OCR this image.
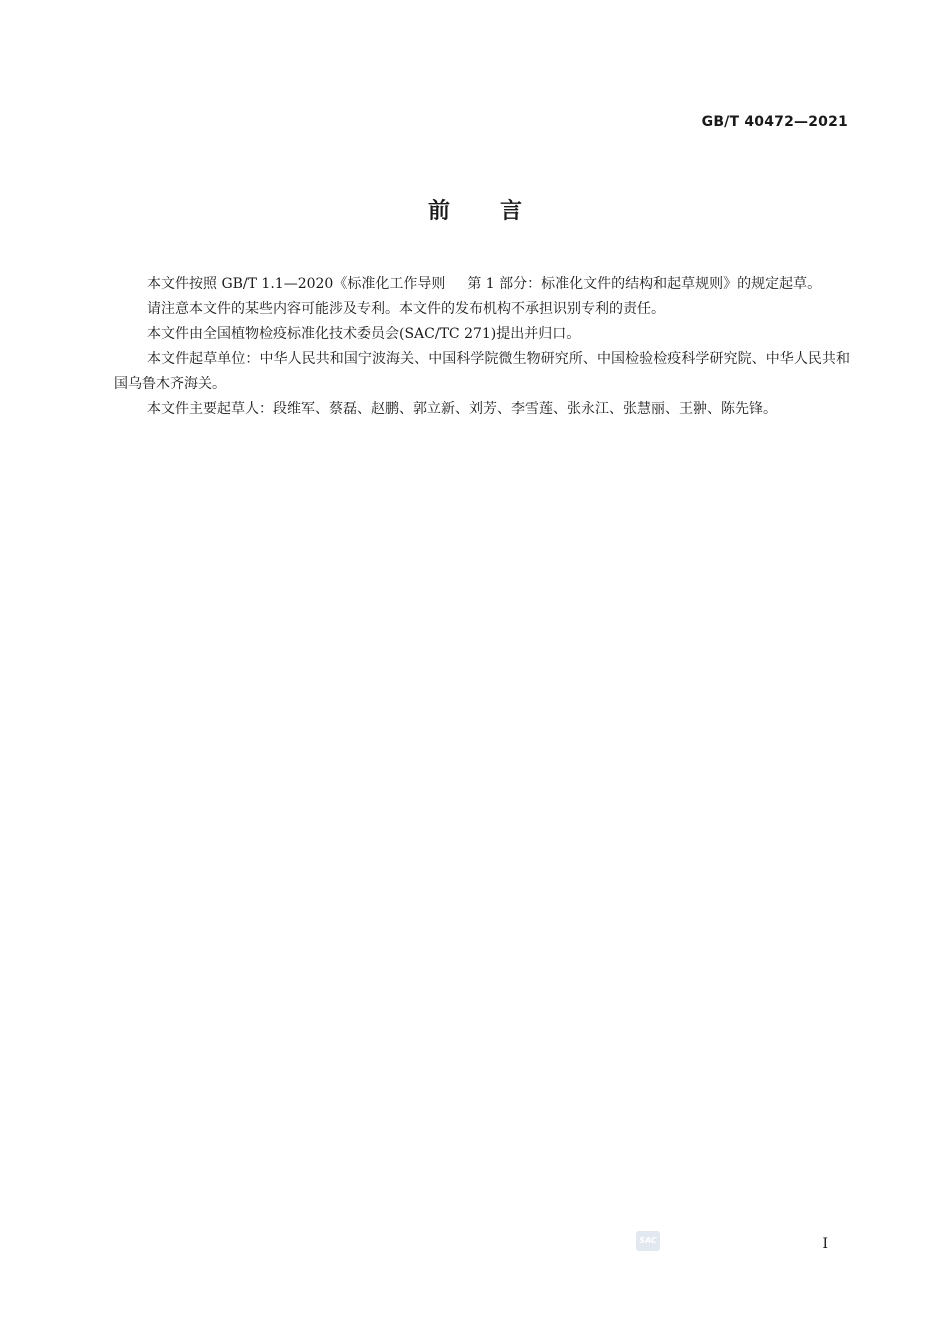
GB/T 40472—2021
前言

本文件按照 GB/T 1.1—2020《标准化工作导则 第 1 部分：标准化文件的结构和起草规则》的规定起草。

请注意本文件的某些内容可能涉及专利。本文件的发布机构不承担识别专利的责任。

本文件由全国植物检疫标准化技术委员会(SAC/TC 271)提出并归口。

本文件起草单位：中华人民共和国宁波海关、中国科学院微生物研究所、中国检验检疫科学研究院、中华人民共和国乌鲁木齐海关。

本文件主要起草人：段维军、蔡磊、赵鹏、郭立新、刘芳、李雪莲、张永江、张慧丽、王翀、陈先锋。

SAC	I
